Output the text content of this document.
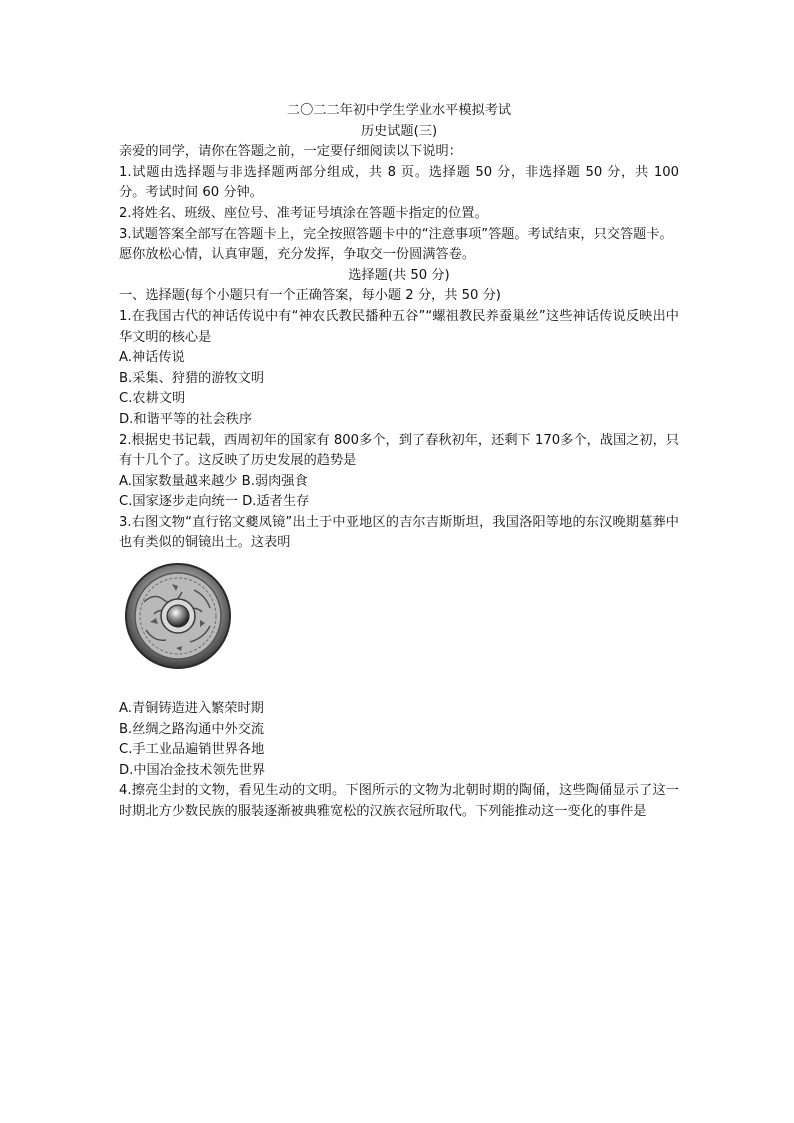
二〇二二年初中学生学业水平模拟考试
历史试题(三)
亲爱的同学，请你在答题之前，一定要仔细阅读以下说明：
1.试题由选择题与非选择题两部分组成，共 8 页。选择题 50 分，非选择题 50 分，共 100 分。考试时间 60 分钟。
2.将姓名、班级、座位号、准考证号填涂在答题卡指定的位置。
3.试题答案全部写在答题卡上，完全按照答题卡中的“注意事项”答题。考试结束，只交答题卡。
愿你放松心情，认真审题，充分发挥，争取交一份圆满答卷。
选择题(共 50 分)
一、选择题(每个小题只有一个正确答案，每小题 2 分，共 50 分)
1.在我国古代的神话传说中有“神农氏教民播种五谷”“螺祖教民养蚕巢丝”这些神话传说反映出中华文明的核心是
A.神话传说
B.采集、狩猎的游牧文明
C.农耕文明
D.和谐平等的社会秩序
2.根据史书记载，西周初年的国家有 800多个，到了春秋初年，还剩下 170多个，战国之初，只有十几个了。这反映了历史发展的趋势是
A.国家数量越来越少 B.弱肉强食
C.国家逐步走向统一 D.适者生存
3.右图文物“直行铭文夔凤镜”出土于中亚地区的吉尔吉斯斯坦，我国洛阳等地的东汉晚期墓葬中也有类似的铜镜出土。这表明
A.青铜铸造进入繁荣时期
B.丝绸之路沟通中外交流
C.手工业品遍销世界各地
D.中国冶金技术领先世界
4.擦亮尘封的文物，看见生动的文明。下图所示的文物为北朝时期的陶俑，这些陶俑显示了这一时期北方少数民族的服装逐渐被典雅宽松的汉族衣冠所取代。下列能推动这一变化的事件是
